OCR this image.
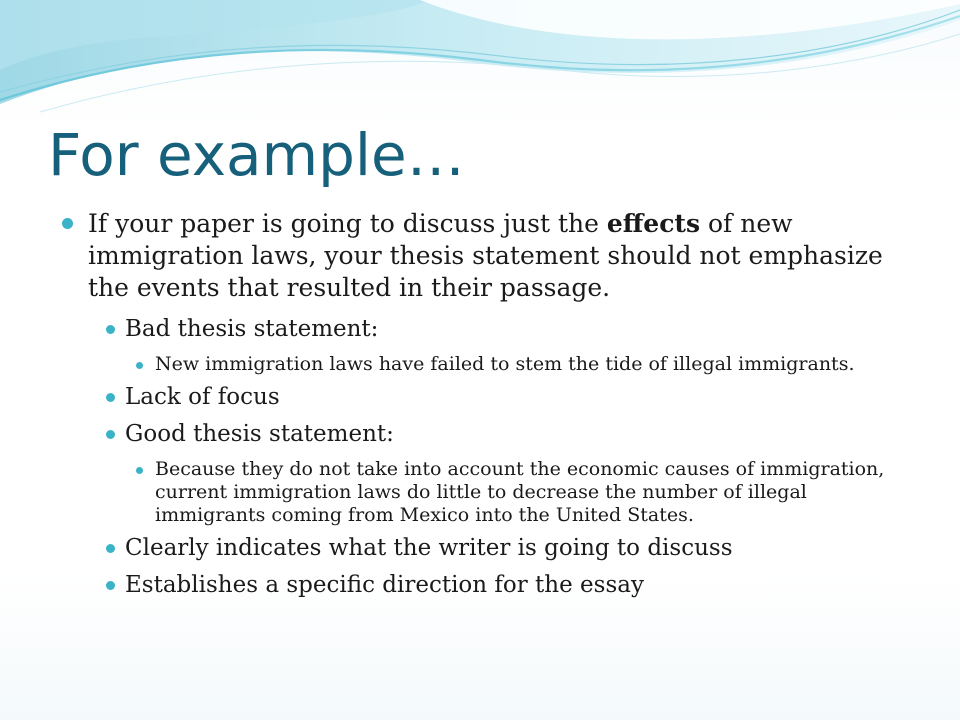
For example…

If your paper is going to discuss just the effects of new immigration laws, your thesis statement should not emphasize the events that resulted in their passage.

Bad thesis statement:

New immigration laws have failed to stem the tide of illegal immigrants.

Lack of focus

Good thesis statement:

Because they do not take into account the economic causes of immigration, current immigration laws do little to decrease the number of illegal immigrants coming from Mexico into the United States.

Clearly indicates what the writer is going to discuss

Establishes a specific direction for the essay
